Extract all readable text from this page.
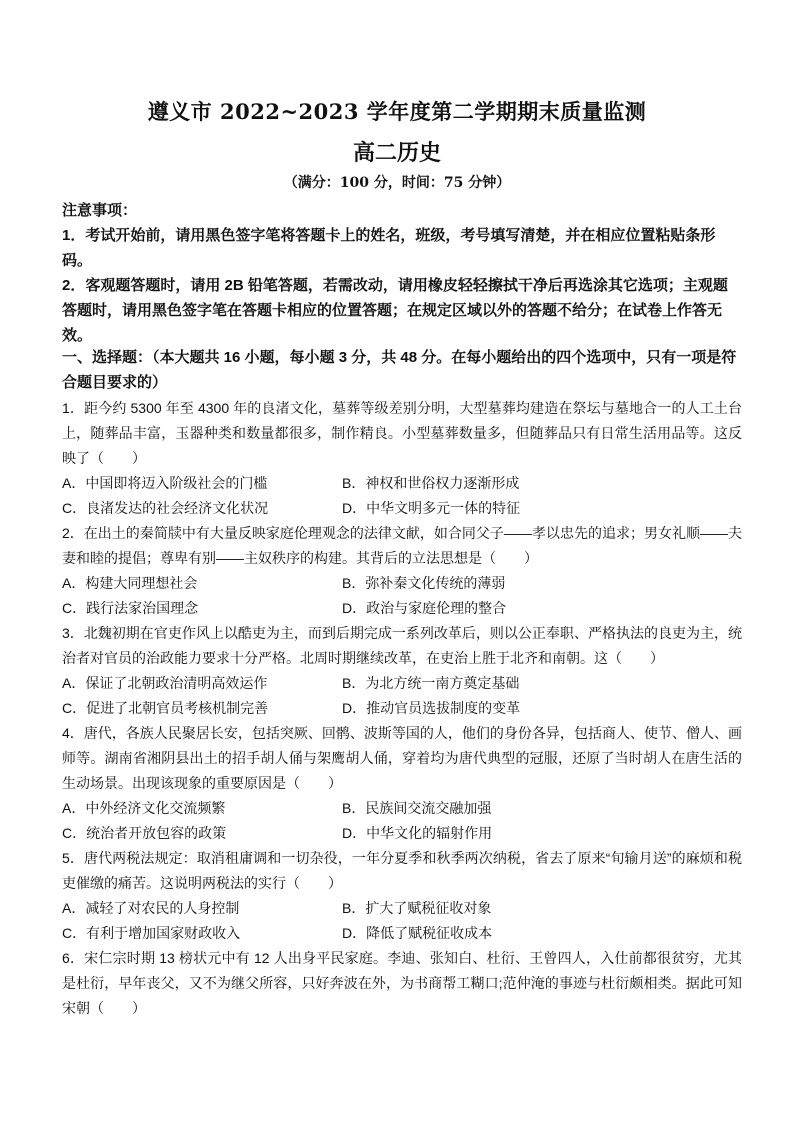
遵义市 2022~2023 学年度第二学期期末质量监测
高二历史
（满分：100 分，时间：75 分钟）

注意事项：

1．考试开始前，请用黑色签字笔将答题卡上的姓名，班级，考号填写清楚，并在相应位置粘贴条形码。

2．客观题答题时，请用 2B 铅笔答题，若需改动，请用橡皮轻轻擦拭干净后再选涂其它选项；主观题答题时，请用黑色签字笔在答题卡相应的位置答题；在规定区域以外的答题不给分；在试卷上作答无效。

一、选择题：（本大题共 16 小题，每小题 3 分，共 48 分。在每小题给出的四个选项中，只有一项是符合题目要求的）

1．距今约 5300 年至 4300 年的良渚文化，墓葬等级差别分明，大型墓葬均建造在祭坛与墓地合一的人工土台上，随葬品丰富，玉器种类和数量都很多，制作精良。小型墓葬数量多，但随葬品只有日常生活用品等。这反映了（　　）

A．中国即将迈入阶级社会的门槛	B．神权和世俗权力逐渐形成
C．良渚发达的社会经济文化状况	D．中华文明多元一体的特征

2．在出土的秦简牍中有大量反映家庭伦理观念的法律文献，如合同父子——孝以忠先的追求；男女礼顺——夫妻和睦的提倡；尊卑有别——主奴秩序的构建。其背后的立法思想是（　　）

A．构建大同理想社会	B．弥补秦文化传统的薄弱
C．践行法家治国理念	D．政治与家庭伦理的整合

3．北魏初期在官吏作风上以酷吏为主，而到后期完成一系列改革后，则以公正奉职、严格执法的良吏为主，统治者对官员的治政能力要求十分严格。北周时期继续改革，在吏治上胜于北齐和南朝。这（　　）

A．保证了北朝政治清明高效运作	B．为北方统一南方奠定基础
C．促进了北朝官员考核机制完善	D．推动官员选拔制度的变革

4．唐代，各族人民聚居长安，包括突厥、回鹘、波斯等国的人，他们的身份各异，包括商人、使节、僧人、画师等。湖南省湘阴县出土的招手胡人俑与架鹰胡人俑，穿着均为唐代典型的冠服，还原了当时胡人在唐生活的生动场景。出现该现象的重要原因是（　　）

A．中外经济文化交流频繁	B．民族间交流交融加强
C．统治者开放包容的政策	D．中华文化的辐射作用

5．唐代两税法规定：取消租庸调和一切杂役，一年分夏季和秋季两次纳税，省去了原来“旬输月送”的麻烦和税吏催缴的痛苦。这说明两税法的实行（　　）

A．减轻了对农民的人身控制	B．扩大了赋税征收对象
C．有利于增加国家财政收入	D．降低了赋税征收成本

6．宋仁宗时期 13 榜状元中有 12 人出身平民家庭。李迪、张知白、杜衍、王曾四人，入仕前都很贫穷，尤其是杜衍，早年丧父，又不为继父所容，只好奔波在外，为书商帮工糊口;范仲淹的事迹与杜衍颇相类。据此可知宋朝（　　）
